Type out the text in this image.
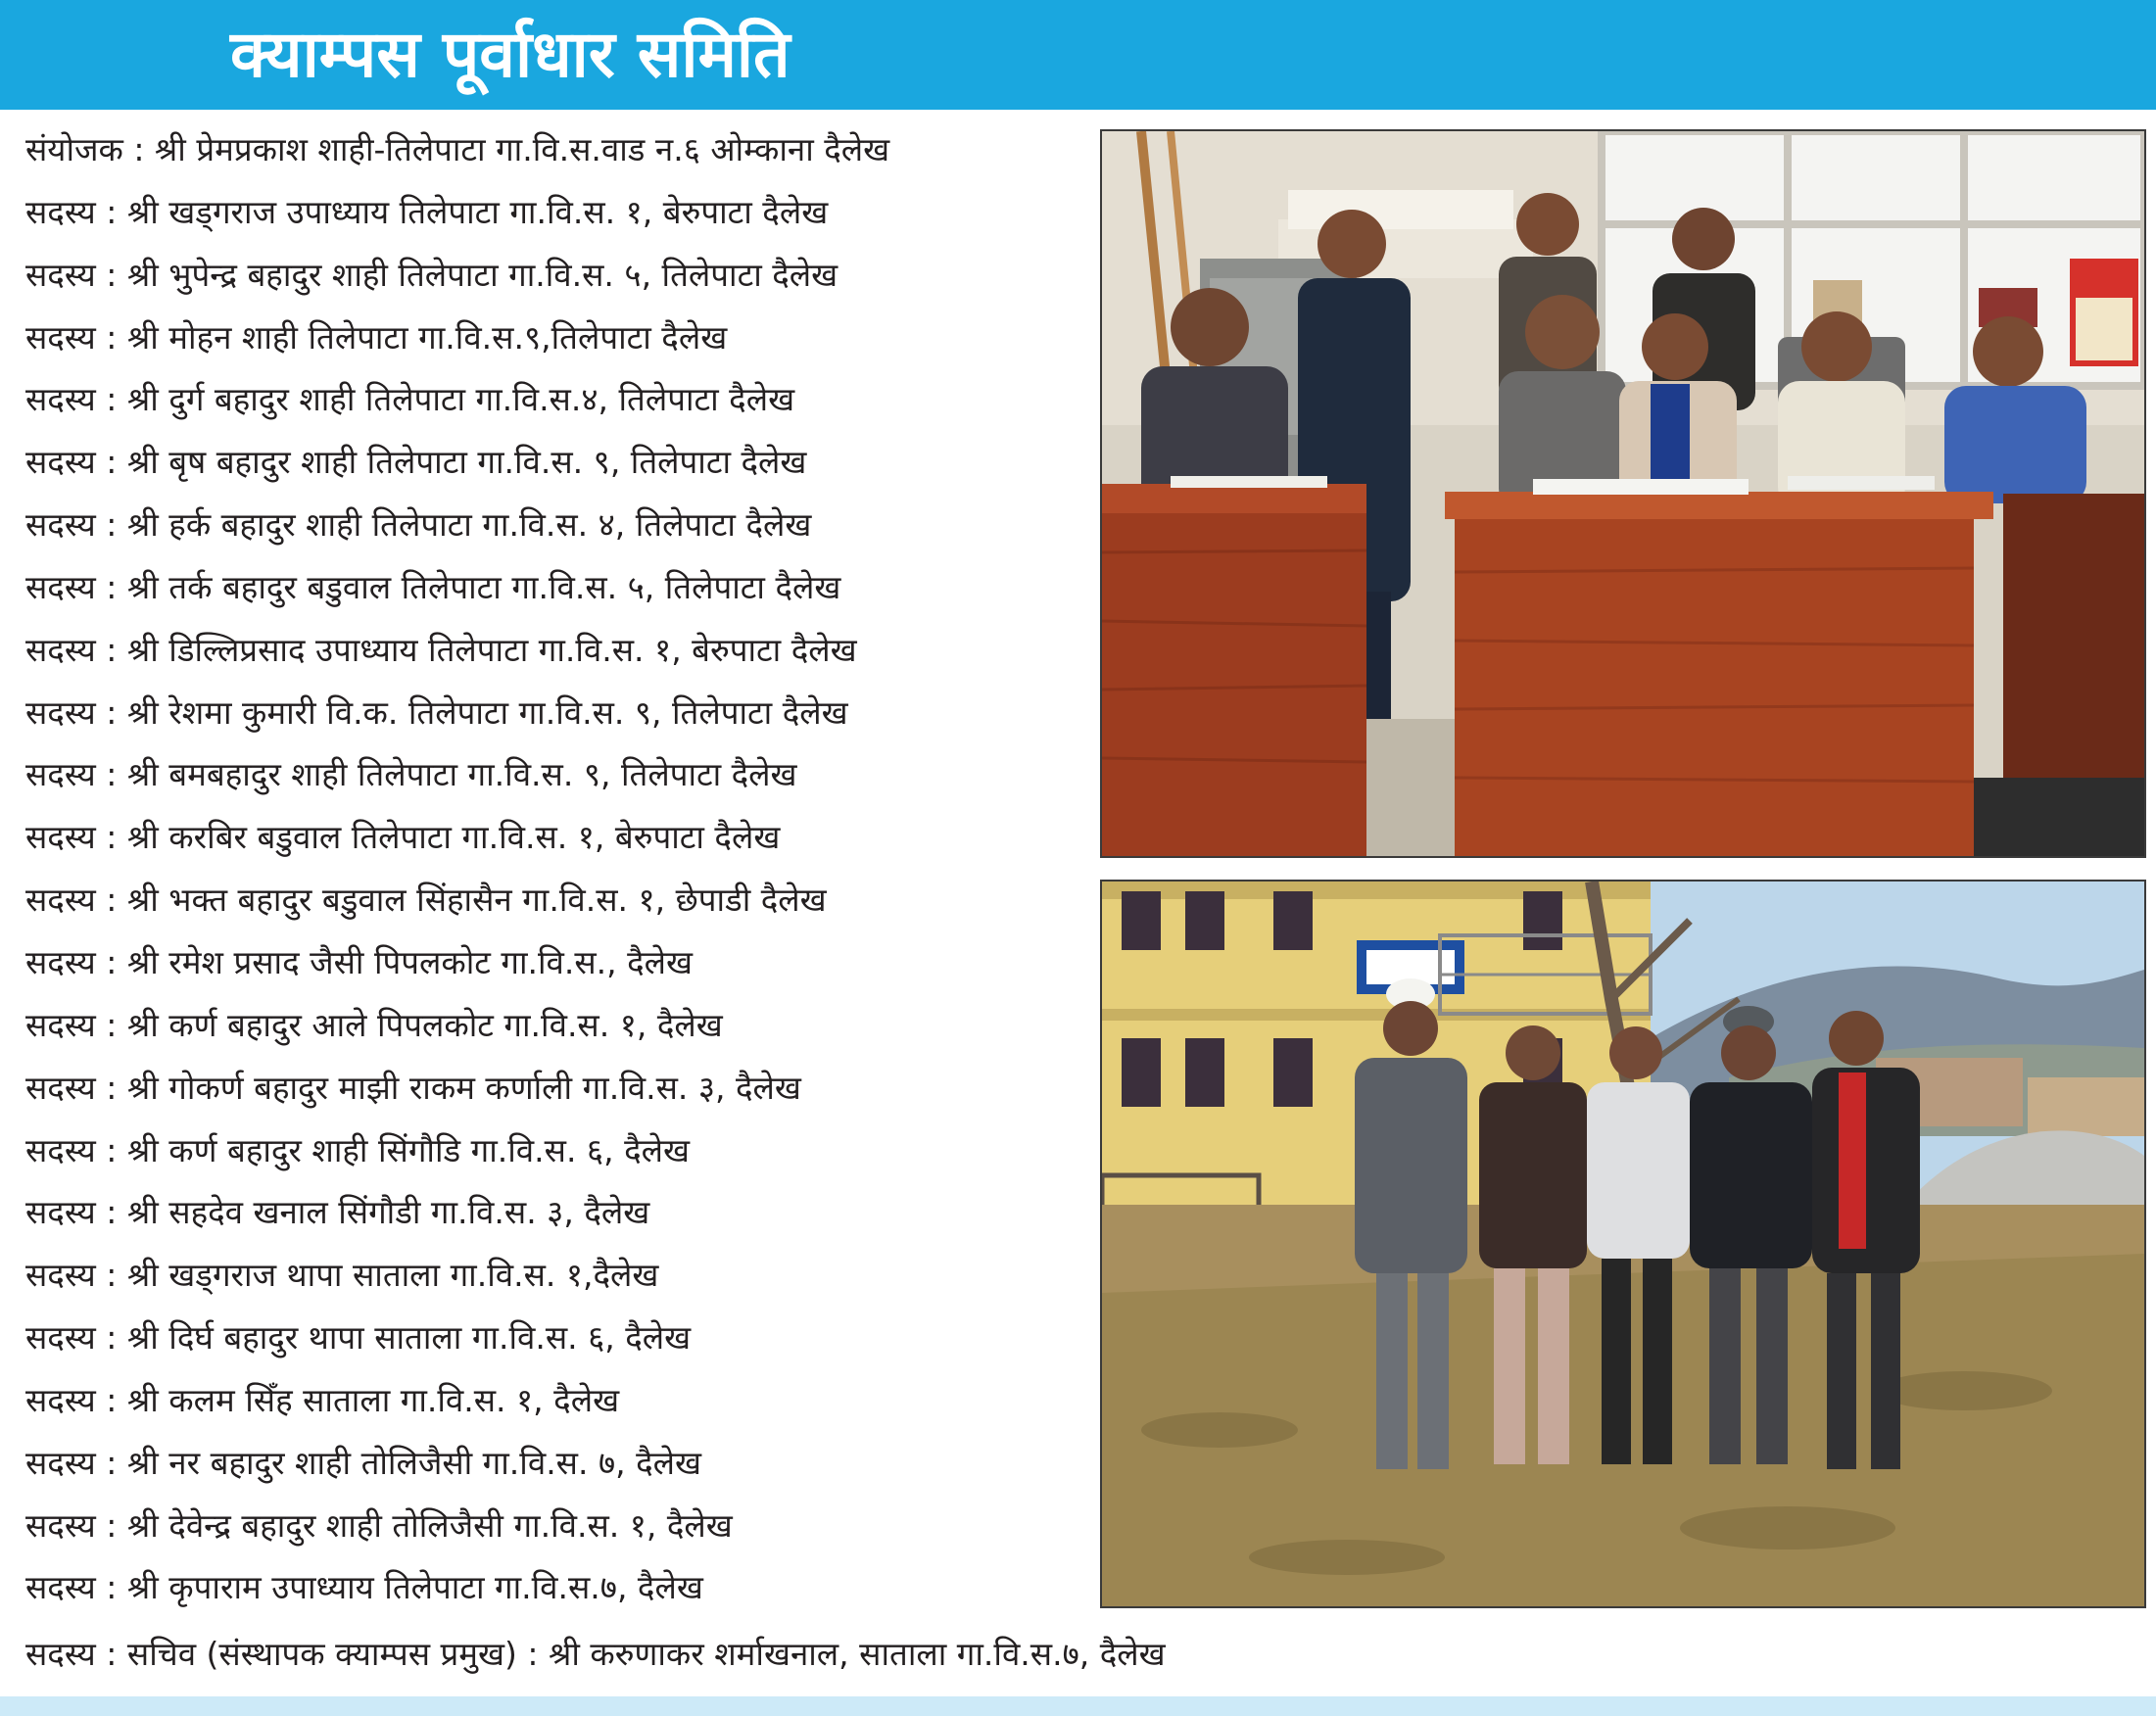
क्याम्पस पूर्वाधार समिति
संयोजक : श्री प्रेमप्रकाश शाही-तिलेपाटा गा.वि.स.वाड न.६ ओम्काना दैलेख
सदस्य : श्री खड्गराज उपाध्याय तिलेपाटा गा.वि.स. १, बेरुपाटा दैलेख
सदस्य : श्री भुपेन्द्र बहादुर शाही तिलेपाटा गा.वि.स. ५, तिलेपाटा दैलेख
सदस्य : श्री मोहन शाही तिलेपाटा गा.वि.स.९,तिलेपाटा दैलेख
सदस्य : श्री दुर्ग बहादुर शाही तिलेपाटा गा.वि.स.४, तिलेपाटा दैलेख
सदस्य : श्री बृष बहादुर शाही तिलेपाटा गा.वि.स. ९, तिलेपाटा दैलेख
सदस्य : श्री हर्क बहादुर शाही तिलेपाटा गा.वि.स. ४, तिलेपाटा दैलेख
सदस्य : श्री तर्क बहादुर बडुवाल तिलेपाटा गा.वि.स. ५, तिलेपाटा दैलेख
सदस्य : श्री डिल्लिप्रसाद उपाध्याय तिलेपाटा गा.वि.स. १, बेरुपाटा दैलेख
सदस्य : श्री रेशमा कुमारी वि.क. तिलेपाटा गा.वि.स. ९, तिलेपाटा दैलेख
सदस्य : श्री बमबहादुर शाही तिलेपाटा गा.वि.स. ९, तिलेपाटा दैलेख
सदस्य : श्री करबिर बडुवाल तिलेपाटा गा.वि.स. १, बेरुपाटा दैलेख
सदस्य : श्री भक्त बहादुर बडुवाल सिंहासैन गा.वि.स. १, छेपाडी दैलेख
सदस्य : श्री रमेश प्रसाद जैसी पिपलकोट गा.वि.स., दैलेख
सदस्य : श्री कर्ण बहादुर आले पिपलकोट गा.वि.स. १, दैलेख
सदस्य : श्री गोकर्ण बहादुर माझी राकम कर्णाली गा.वि.स. ३, दैलेख
सदस्य : श्री कर्ण बहादुर शाही सिंगौडि गा.वि.स. ६, दैलेख
सदस्य : श्री सहदेव खनाल सिंगौडी गा.वि.स. ३, दैलेख
सदस्य : श्री खड्गराज थापा साताला गा.वि.स. १,दैलेख
सदस्य : श्री दिर्घ बहादुर थापा साताला गा.वि.स. ६, दैलेख
सदस्य : श्री कलम सिँह साताला गा.वि.स. १, दैलेख
सदस्य : श्री नर बहादुर शाही तोलिजैसी गा.वि.स. ७, दैलेख
सदस्य : श्री देवेन्द्र बहादुर शाही तोलिजैसी गा.वि.स. १, दैलेख
सदस्य : श्री कृपाराम उपाध्याय तिलेपाटा गा.वि.स.७, दैलेख
सदस्य : सचिव (संस्थापक क्याम्पस प्रमुख) : श्री करुणाकर शर्माखनाल, साताला गा.वि.स.७, दैलेख
